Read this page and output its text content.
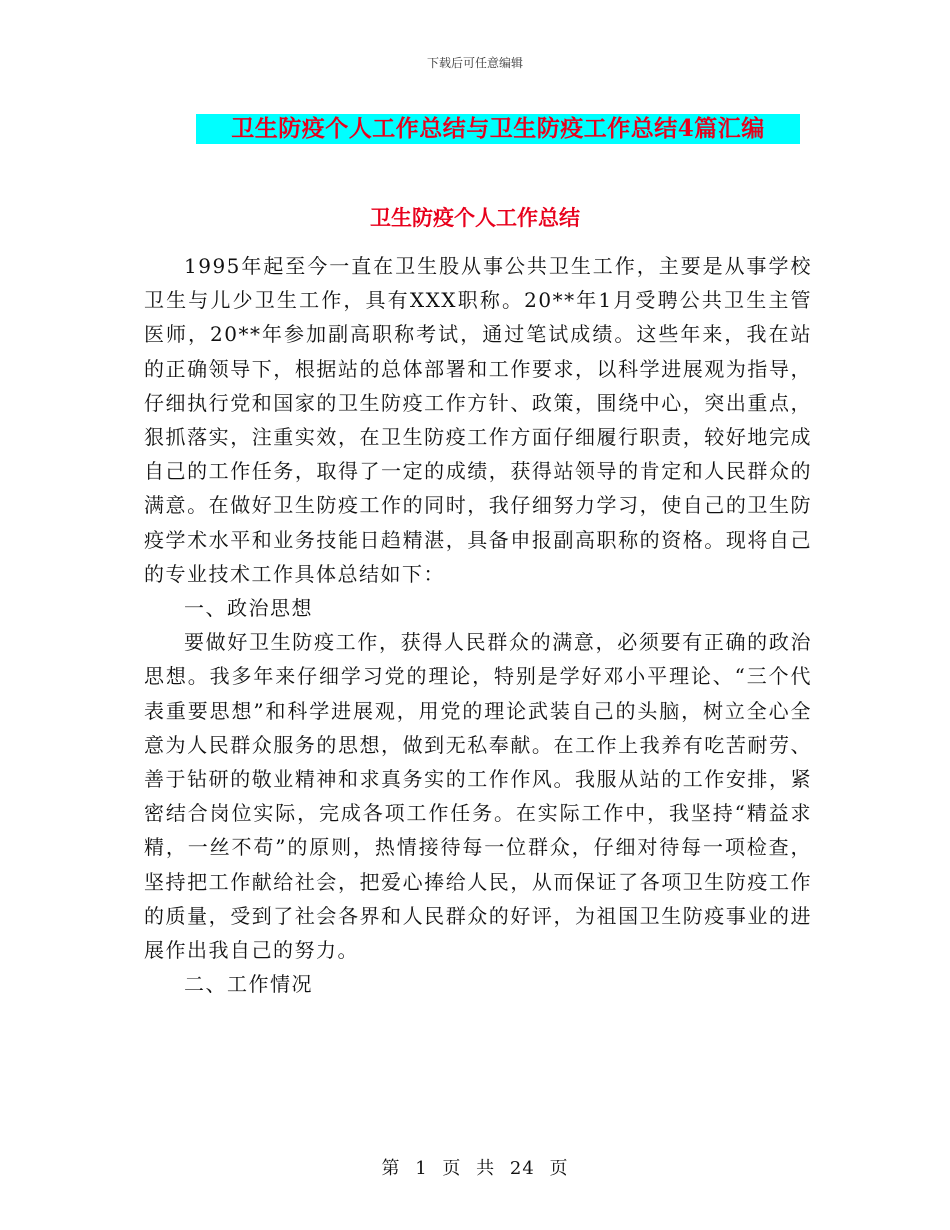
下载后可任意编辑
卫生防疫个人工作总结与卫生防疫工作总结4篇汇编
卫生防疫个人工作总结

1995年起至今一直在卫生股从事公共卫生工作，主要是从事学校卫生与儿少卫生工作，具有XXX职称。20**年1月受聘公共卫生主管医师，20**年参加副高职称考试，通过笔试成绩。这些年来，我在站的正确领导下，根据站的总体部署和工作要求，以科学进展观为指导，仔细执行党和国家的卫生防疫工作方针、政策，围绕中心，突出重点，狠抓落实，注重实效，在卫生防疫工作方面仔细履行职责，较好地完成自己的工作任务，取得了一定的成绩，获得站领导的肯定和人民群众的满意。在做好卫生防疫工作的同时，我仔细努力学习，使自己的卫生防疫学术水平和业务技能日趋精湛，具备申报副高职称的资格。现将自己的专业技术工作具体总结如下：

一、政治思想

要做好卫生防疫工作，获得人民群众的满意，必须要有正确的政治思想。我多年来仔细学习党的理论，特别是学好邓小平理论、“三个代表重要思想”和科学进展观，用党的理论武装自己的头脑，树立全心全意为人民群众服务的思想，做到无私奉献。在工作上我养有吃苦耐劳、善于钻研的敬业精神和求真务实的工作作风。我服从站的工作安排，紧密结合岗位实际，完成各项工作任务。在实际工作中，我坚持“精益求精，一丝不苟”的原则，热情接待每一位群众，仔细对待每一项检查，坚持把工作献给社会，把爱心捧给人民，从而保证了各项卫生防疫工作的质量，受到了社会各界和人民群众的好评，为祖国卫生防疫事业的进展作出我自己的努力。

二、工作情况

第 1 页 共 24 页
